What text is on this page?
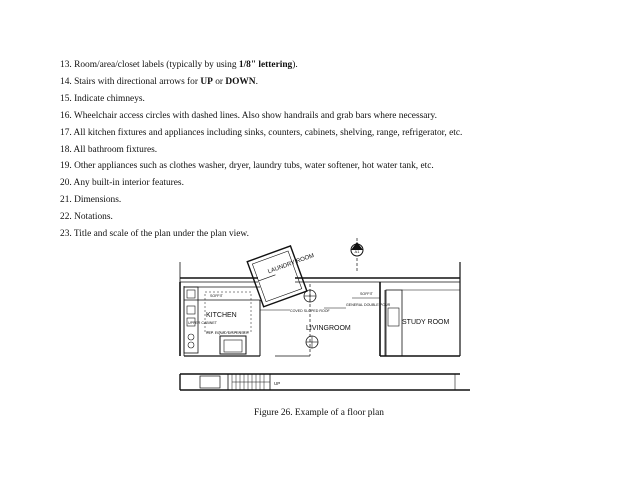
13. Room/area/closet labels (typically by using 1/8" lettering).
14. Stairs with directional arrows for UP or DOWN.
15. Indicate chimneys.
16. Wheelchair access circles with dashed lines. Also show handrails and grab bars where necessary.
17. All kitchen fixtures and appliances including sinks, counters, cabinets, shelving, range, refrigerator, etc.
18. All bathroom fixtures.
19. Other appliances such as clothes washer, dryer, laundry tubs, water softener, hot water tank, etc.
20. Any built-in interior features.
21. Dimensions.
22. Notations.
23. Title and scale of the plan under the plan view.
A1
LAUNDRY ROOM
KITCHEN
LIVINGROOM
STUDY ROOM
SOFFIT	SOFFIT
UPPER CABINET
REF. LIQUID DISPENSER
COVED SLOPED ROOF
GENERAL DOUBLE POUR
UP
Figure 26. Example of a floor plan
